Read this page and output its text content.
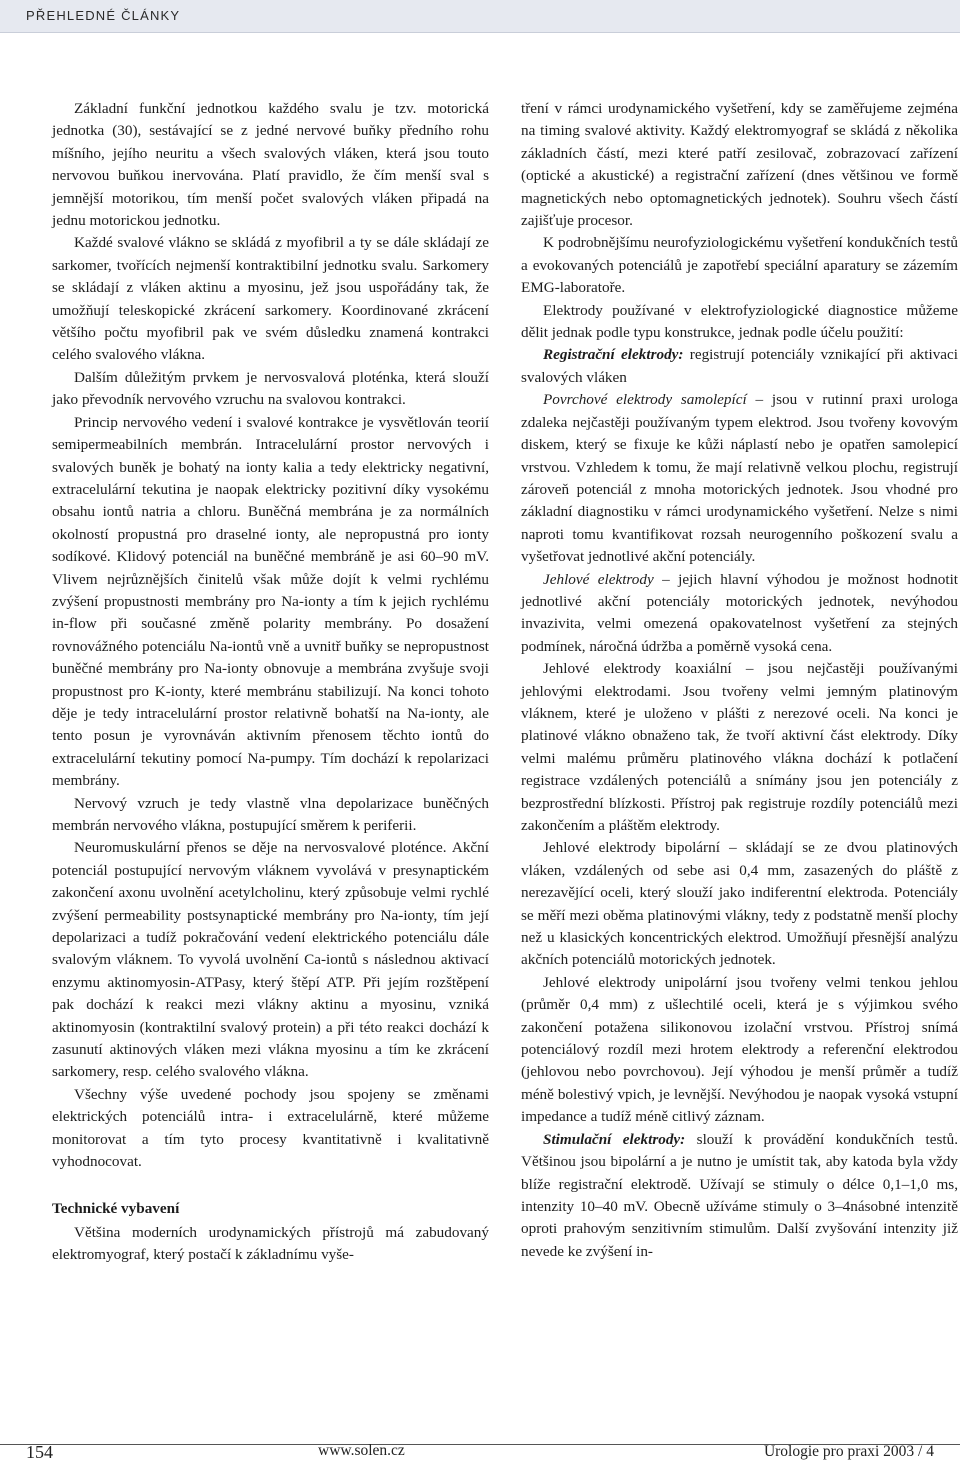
PŘEHLEDNÉ ČLÁNKY

Základní funkční jednotkou každého svalu je tzv. motorická jednotka (30), sestávající se z jedné nervové buňky předního rohu míšního, jejího neuritu a všech svalových vláken, která jsou touto nervovou buňkou inervována. Platí pravidlo, že čím menší sval s jemnější motorikou, tím menší počet svalových vláken připadá na jednu motorickou jednotku.

Každé svalové vlákno se skládá z myofibril a ty se dále skládají ze sarkomer, tvořících nejmenší kontraktibilní jednotku svalu. Sarkomery se skládají z vláken aktinu a myosinu, jež jsou uspořádány tak, že umožňují teleskopické zkrácení sarkomery. Koordinované zkrácení většího počtu myofibril pak ve svém důsledku znamená kontrakci celého svalového vlákna.

Dalším důležitým prvkem je nervosvalová ploténka, která slouží jako převodník nervového vzruchu na svalovou kontrakci.

Princip nervového vedení i svalové kontrakce je vysvětlován teorií semipermeabilních membrán. Intracelulární prostor nervových i svalových buněk je bohatý na ionty kalia a tedy elektricky negativní, extracelulární tekutina je naopak elektricky pozitivní díky vysokému obsahu iontů natria a chloru. Buněčná membrána je za normálních okolností propustná pro draselné ionty, ale nepropustná pro ionty sodíkové. Klidový potenciál na buněčné membráně je asi 60–90 mV. Vlivem nejrůznějších činitelů však může dojít k velmi rychlému zvýšení propustnosti membrány pro Na-ionty a tím k jejich rychlému in-flow při současné změně polarity membrány. Po dosažení rovnovážného potenciálu Na-iontů vně a uvnitř buňky se nepropustnost buněčné membrány pro Na-ionty obnovuje a membrána zvyšuje svoji propustnost pro K-ionty, které membránu stabilizují. Na konci tohoto děje je tedy intracelulární prostor relativně bohatší na Na-ionty, ale tento posun je vyrovnáván aktivním přenosem těchto iontů do extracelulární tekutiny pomocí Na-pumpy. Tím dochází k repolarizaci membrány.

Nervový vzruch je tedy vlastně vlna depolarizace buněčných membrán nervového vlákna, postupující směrem k periferii.

Neuromuskulární přenos se děje na nervosvalové ploténce. Akční potenciál postupující nervovým vláknem vyvolává v presynaptickém zakončení axonu uvolnění acetylcholinu, který způsobuje velmi rychlé zvýšení permeability postsynaptické membrány pro Na-ionty, tím její depolarizaci a tudíž pokračování vedení elektrického potenciálu dále svalovým vláknem. To vyvolá uvolnění Ca-iontů s následnou aktivací enzymu aktinomyosin-ATPasy, který štěpí ATP. Při jejím rozštěpení pak dochází k reakci mezi vlákny aktinu a myosinu, vzniká aktinomyosin (kontraktilní svalový protein) a při této reakci dochází k zasunutí aktinových vláken mezi vlákna myosinu a tím ke zkrácení sarkomery, resp. celého svalového vlákna.

Všechny výše uvedené pochody jsou spojeny se změnami elektrických potenciálů intra- i extracelulárně, které můžeme monitorovat a tím tyto procesy kvantitativně i kvalitativně vyhodnocovat.

Technické vybavení

Většina moderních urodynamických přístrojů má zabudovaný elektromyograf, který postačí k základnímu vyše-

tření v rámci urodynamického vyšetření, kdy se zaměřujeme zejména na timing svalové aktivity. Každý elektromyograf se skládá z několika základních částí, mezi které patří zesilovač, zobrazovací zařízení (optické a akustické) a registrační zařízení (dnes většinou ve formě magnetických nebo optomagnetických jednotek). Souhru všech částí zajišťuje procesor.

K podrobnějšímu neurofyziologickému vyšetření kondukčních testů a evokovaných potenciálů je zapotřebí speciální aparatury se zázemím EMG-laboratoře.

Elektrody používané v elektrofyziologické diagnostice můžeme dělit jednak podle typu konstrukce, jednak podle účelu použití:

Registrační elektrody: registrují potenciály vznikající při aktivaci svalových vláken

Povrchové elektrody samolepící – jsou v rutinní praxi urologa zdaleka nejčastěji používaným typem elektrod. Jsou tvořeny kovovým diskem, který se fixuje ke kůži náplastí nebo je opatřen samolepicí vrstvou. Vzhledem k tomu, že mají relativně velkou plochu, registrují zároveň potenciál z mnoha motorických jednotek. Jsou vhodné pro základní diagnostiku v rámci urodynamického vyšetření. Nelze s nimi naproti tomu kvantifikovat rozsah neurogenního poškození svalu a vyšetřovat jednotlivé akční potenciály.

Jehlové elektrody – jejich hlavní výhodou je možnost hodnotit jednotlivé akční potenciály motorických jednotek, nevýhodou invazivita, velmi omezená opakovatelnost vyšetření za stejných podmínek, náročná údržba a poměrně vysoká cena.

Jehlové elektrody koaxiální – jsou nejčastěji používanými jehlovými elektrodami. Jsou tvořeny velmi jemným platinovým vláknem, které je uloženo v plášti z nerezové oceli. Na konci je platinové vlákno obnaženo tak, že tvoří aktivní část elektrody. Díky velmi malému průměru platinového vlákna dochází k potlačení registrace vzdálených potenciálů a snímány jsou jen potenciály z bezprostřední blízkosti. Přístroj pak registruje rozdíly potenciálů mezi zakončením a pláštěm elektrody.

Jehlové elektrody bipolární – skládají se ze dvou platinových vláken, vzdálených od sebe asi 0,4 mm, zasazených do pláště z nerezavějící oceli, který slouží jako indiferentní elektroda. Potenciály se měří mezi oběma platinovými vlákny, tedy z podstatně menší plochy než u klasických koncentrických elektrod. Umožňují přesnější analýzu akčních potenciálů motorických jednotek.

Jehlové elektrody unipolární jsou tvořeny velmi tenkou jehlou (průměr 0,4 mm) z ušlechtilé oceli, která je s výjimkou svého zakončení potažena silikonovou izolační vrstvou. Přístroj snímá potenciálový rozdíl mezi hrotem elektrody a referenční elektrodou (jehlovou nebo povrchovou). Její výhodou je menší průměr a tudíž méně bolestivý vpich, je levnější. Nevýhodou je naopak vysoká vstupní impedance a tudíž méně citlivý záznam.

Stimulační elektrody: slouží k provádění kondukčních testů. Většinou jsou bipolární a je nutno je umístit tak, aby katoda byla vždy blíže registrační elektrodě. Užívají se stimuly o délce 0,1–1,0 ms, intenzity 10–40 mV. Obecně užíváme stimuly o 3–4násobné intenzitě oproti prahovým senzitivním stimulům. Další zvyšování intenzity již nevede ke zvýšení in-

154	www.solen.cz	Urologie pro praxi 2003 / 4
